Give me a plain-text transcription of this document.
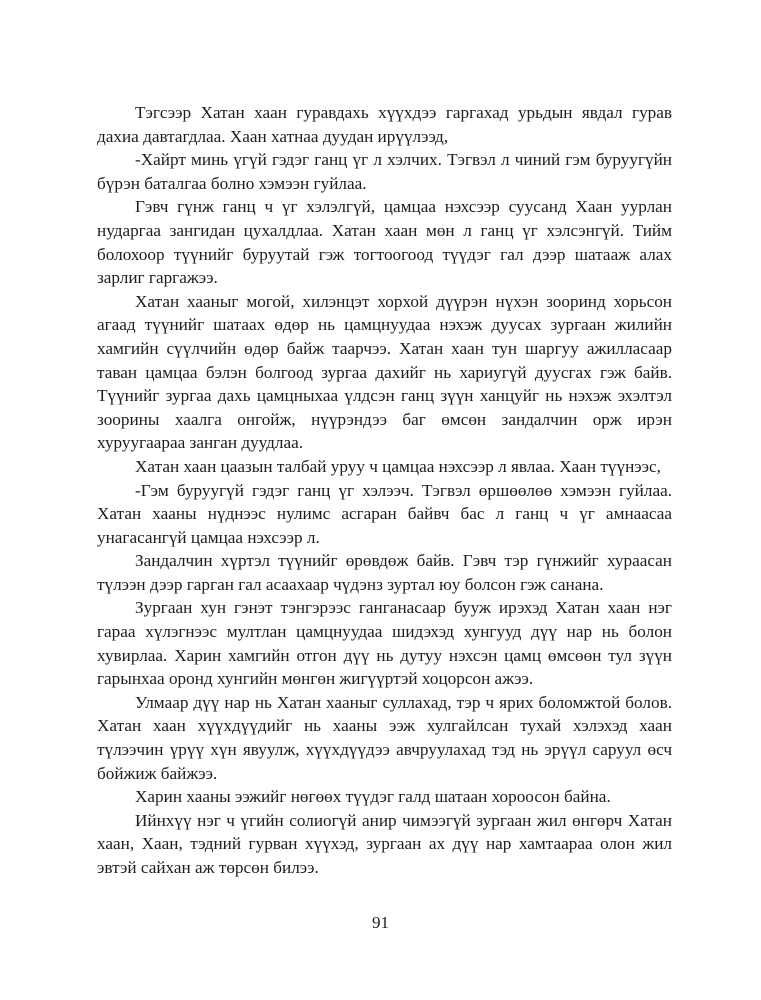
Тэгсээр Хатан хаан гуравдахь хүүхдээ гаргахад урьдын явдал гурав дахиа давтагдлаа. Хаан хатнаа дуудан ирүүлээд,

-Хайрт минь үгүй гэдэг ганц үг л хэлчих. Тэгвэл л чиний гэм буруугүйн бүрэн баталгаа болно хэмээн гуйлаа.

Гэвч гүнж ганц ч үг хэлэлгүй, цамцаа нэхсээр суусанд Хаан уурлан нударгаа зангидан цухалдлаа. Хатан хаан мөн л ганц үг хэлсэнгүй. Тийм болохоор түүнийг буруутай гэж тогтоогоод түүдэг гал дээр шатааж алах зарлиг гаргажээ.

Хатан хааныг могой, хилэнцэт хорхой дүүрэн нүхэн зооринд хорьсон агаад түүнийг шатаах өдөр нь цамцнуудаа нэхэж дуусах зургаан жилийн хамгийн сүүлчийн өдөр байж таарчээ. Хатан хаан тун шаргуу ажилласаар таван цамцаа бэлэн болгоод зургаа дахийг нь хариугүй дуусгах гэж байв. Түүнийг зургаа дахь цамцныхаа үлдсэн ганц зүүн ханцуйг нь нэхэж эхэлтэл зоорины хаалга онгойж, нүүрэндээ баг өмсөн зандалчин орж ирэн хуруугаараа занган дуудлаа.

Хатан хаан цаазын талбай уруу ч цамцаа нэхсээр л явлаа. Хаан түүнээс,

-Гэм буруугүй гэдэг ганц үг хэлээч. Тэгвэл өршөөлөө хэмээн гуйлаа. Хатан хааны нүднээс нулимс асгаран байвч бас л ганц ч үг амнаасаа унагасангүй цамцаа нэхсээр л.

Зандалчин хүртэл түүнийг өрөвдөж байв. Гэвч тэр гүнжийг хураасан түлээн дээр гарган гал асаахаар чүдэнз зуртал юу болсон гэж санана.

Зургаан хун гэнэт тэнгэрээс ганганасаар бууж ирэхэд Хатан хаан нэг гараа хүлэгнээс мултлан цамцнуудаа шидэхэд хунгууд дүү нар нь болон хувирлаа. Харин хамгийн отгон дүү нь дутуу нэхсэн цамц өмсөөн тул зүүн гарынхаа оронд хунгийн мөнгөн жигүүртэй хоцорсон ажээ.

Улмаар дүү нар нь Хатан хааныг суллахад, тэр ч ярих боломжтой болов. Хатан хаан хүүхдүүдийг нь хааны ээж хулгайлсан тухай хэлэхэд хаан түлээчин үрүү хүн явуулж, хүүхдүүдээ авчруулахад тэд нь эрүүл саруул өсч бойжиж байжээ.

Харин хааны ээжийг нөгөөх түүдэг галд шатаан хороосон байна.

Ийнхүү нэг ч үгийн солиогүй анир чимээгүй зургаан жил өнгөрч Хатан хаан, Хаан, тэдний гурван хүүхэд, зургаан ах дүү нар хамтаараа олон жил эвтэй сайхан аж төрсөн билээ.

91
